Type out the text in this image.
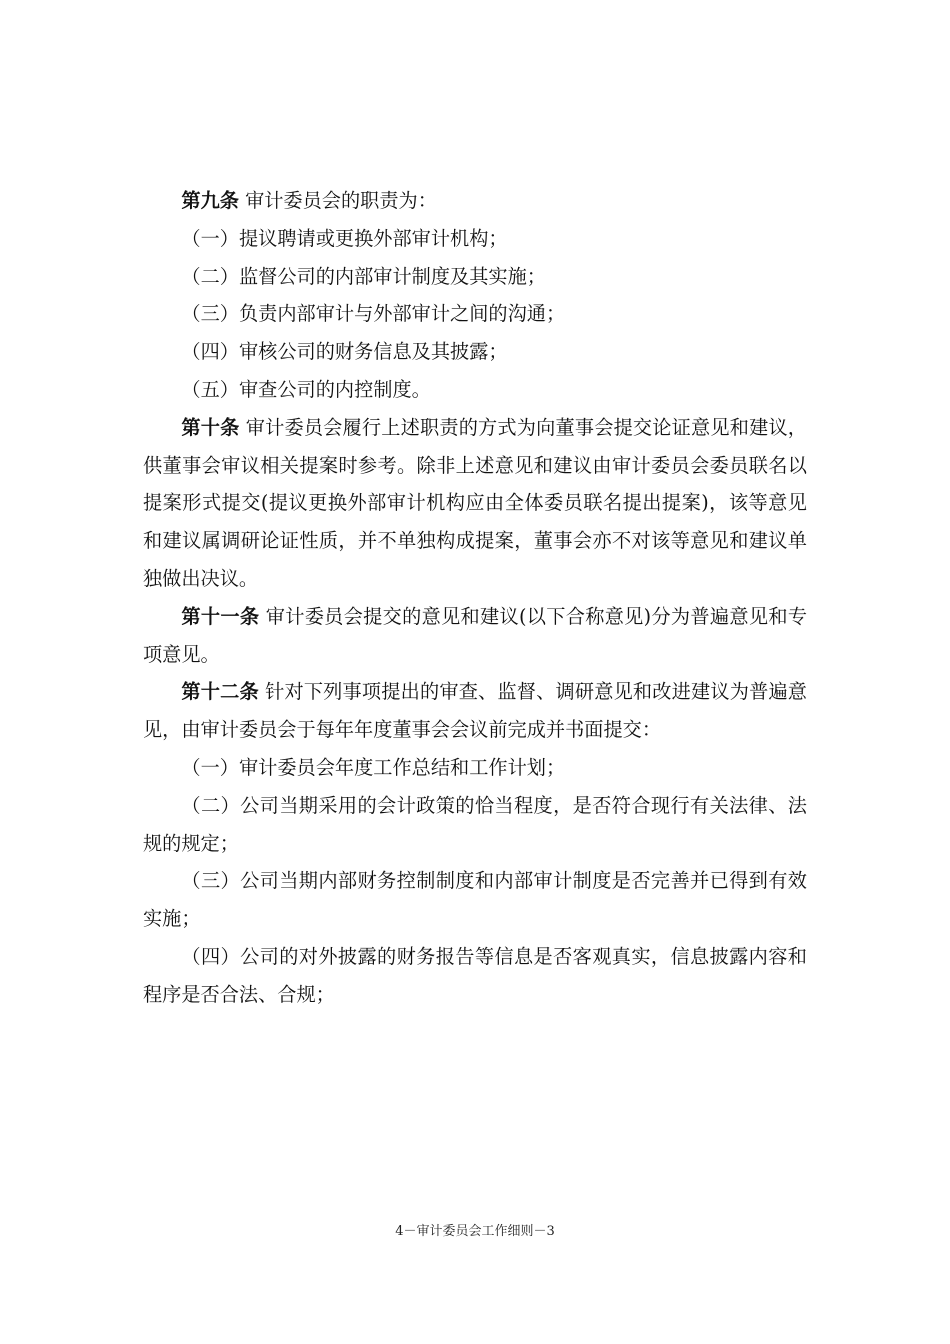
第九条 审计委员会的职责为：

（一）提议聘请或更换外部审计机构；

（二）监督公司的内部审计制度及其实施；

（三）负责内部审计与外部审计之间的沟通；

（四）审核公司的财务信息及其披露；

（五）审查公司的内控制度。

第十条 审计委员会履行上述职责的方式为向董事会提交论证意见和建议，供董事会审议相关提案时参考。除非上述意见和建议由审计委员会委员联名以提案形式提交(提议更换外部审计机构应由全体委员联名提出提案)，该等意见和建议属调研论证性质，并不单独构成提案，董事会亦不对该等意见和建议单独做出决议。

第十一条 审计委员会提交的意见和建议(以下合称意见)分为普遍意见和专项意见。

第十二条 针对下列事项提出的审查、监督、调研意见和改进建议为普遍意见，由审计委员会于每年年度董事会会议前完成并书面提交：

（一）审计委员会年度工作总结和工作计划；

（二）公司当期采用的会计政策的恰当程度，是否符合现行有关法律、法规的规定；

（三）公司当期内部财务控制制度和内部审计制度是否完善并已得到有效实施；

（四）公司的对外披露的财务报告等信息是否客观真实，信息披露内容和程序是否合法、合规；

4－审计委员会工作细则－3
